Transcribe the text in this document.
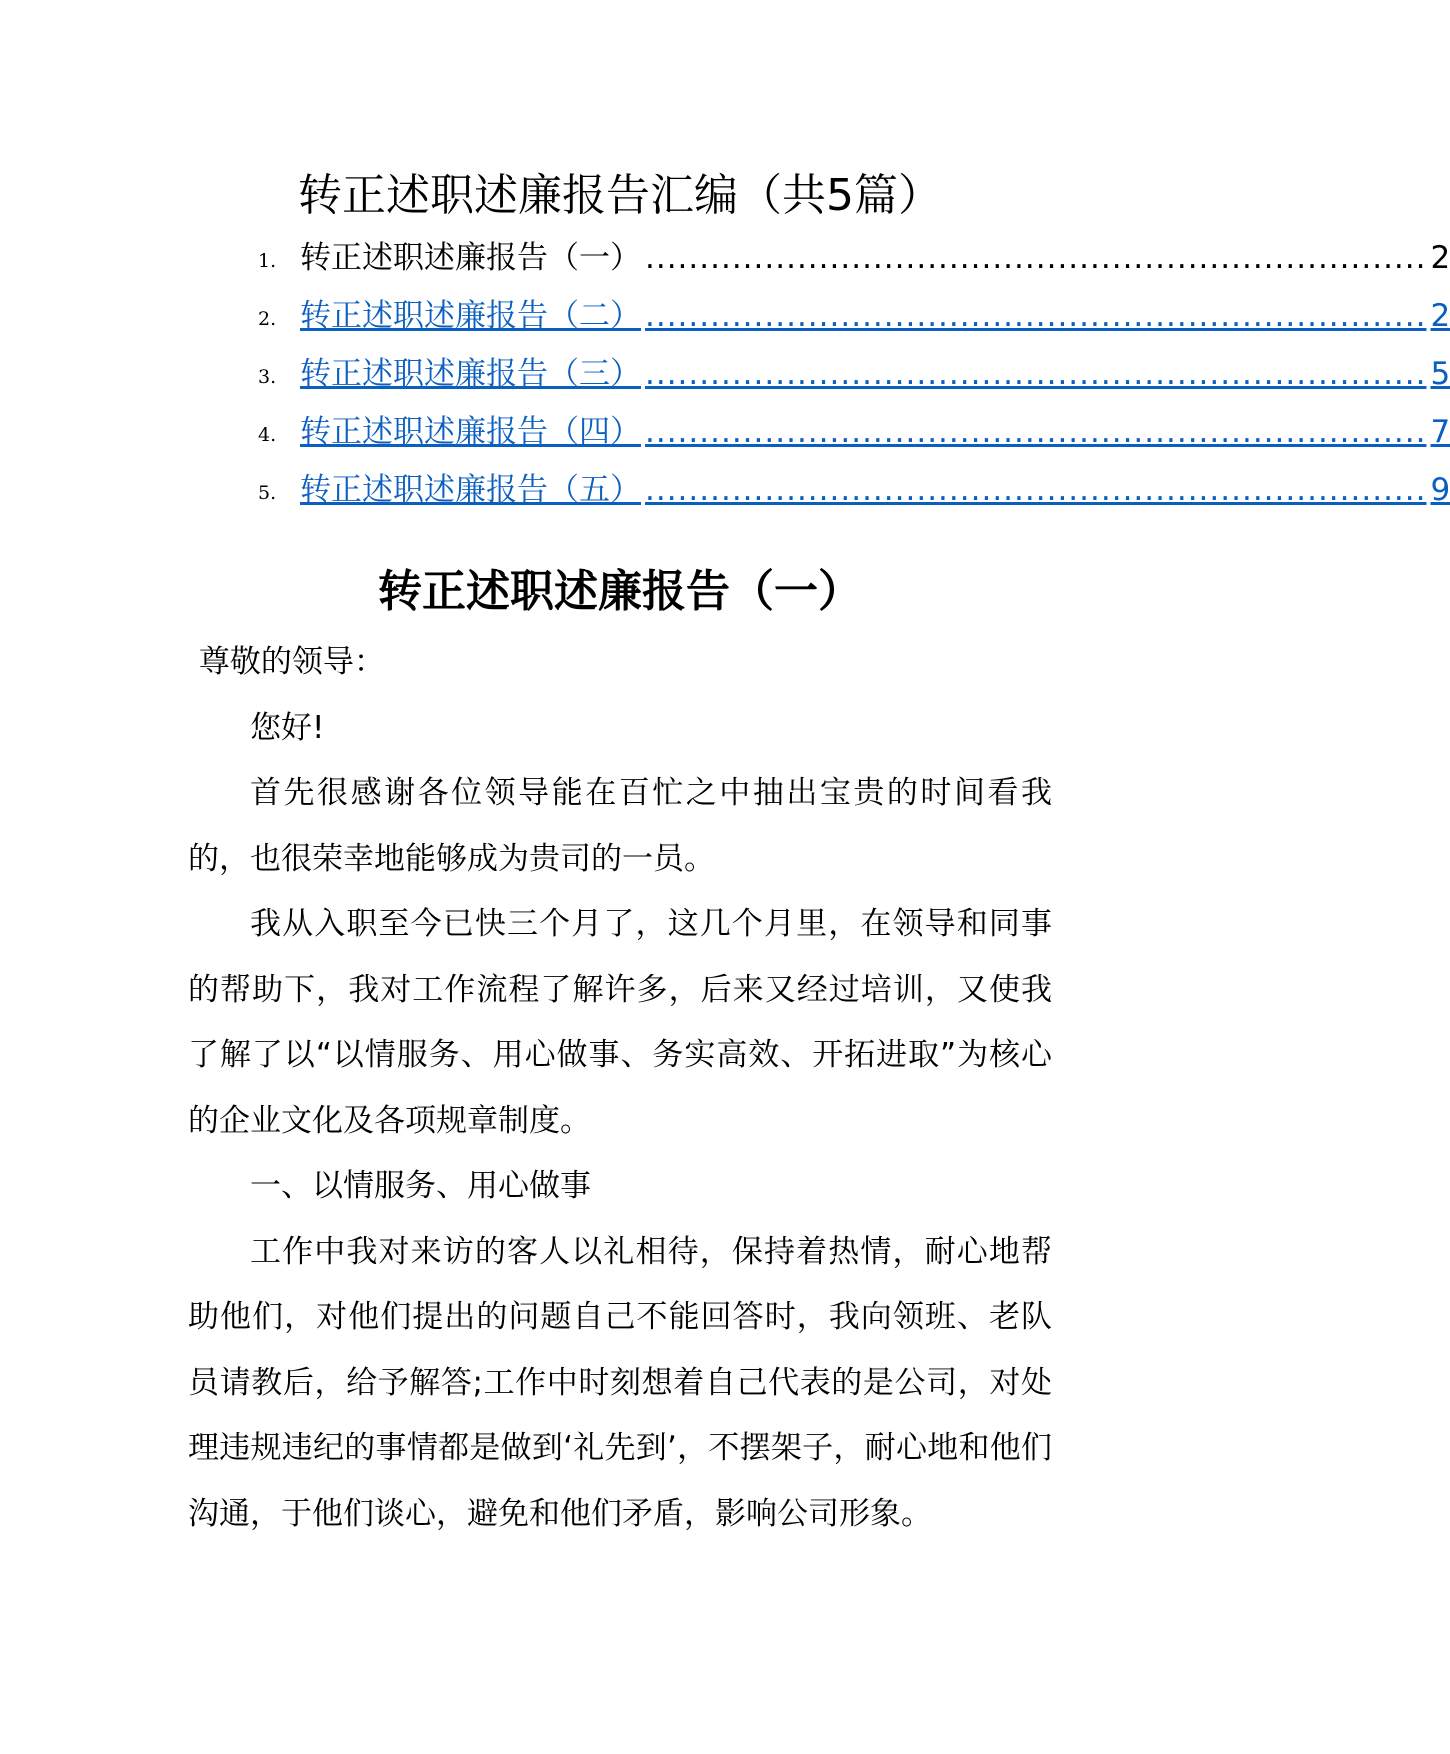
转正述职述廉报告汇编（共5篇）
1. 转正述职述廉报告（一） ........................................................................ 2
2. 转正述职述廉报告（二） ........................................................................ 2
3. 转正述职述廉报告（三） ........................................................................ 5
4. 转正述职述廉报告（四） ........................................................................ 7
5. 转正述职述廉报告（五） ........................................................................ 9
转正述职述廉报告（一）

尊敬的领导：

您好!

首先很感谢各位领导能在百忙之中抽出宝贵的时间看我的，也很荣幸地能够成为贵司的一员。

我从入职至今已快三个月了，这几个月里，在领导和同事的帮助下，我对工作流程了解许多，后来又经过培训，又使我了解了以“以情服务、用心做事、务实高效、开拓进取”为核心的企业文化及各项规章制度。

一、以情服务、用心做事

工作中我对来访的客人以礼相待，保持着热情，耐心地帮助他们，对他们提出的问题自己不能回答时，我向领班、老队员请教后，给予解答;工作中时刻想着自己代表的是公司，对处理违规违纪的事情都是做到‘礼先到’，不摆架子，耐心地和他们沟通，于他们谈心，避免和他们矛盾，影响公司形象。
